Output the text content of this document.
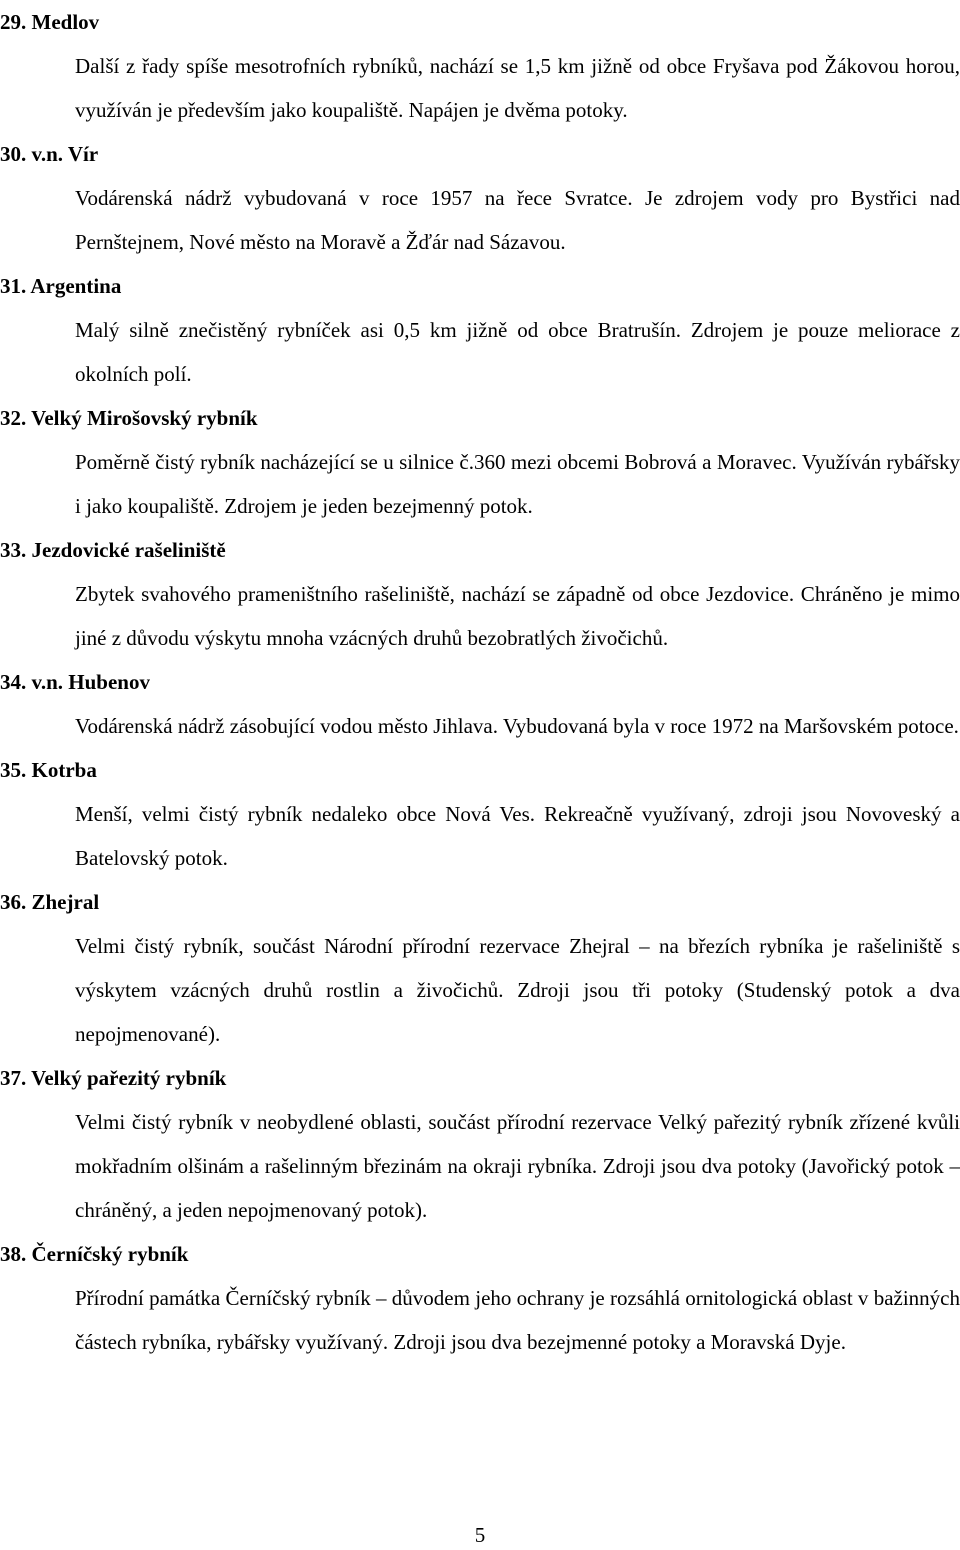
29. Medlov

Další z řady spíše mesotrofních rybníků, nachází se 1,5 km jižně od obce Fryšava pod Žákovou horou, využíván je především jako koupaliště. Napájen je dvěma potoky.

30. v.n. Vír

Vodárenská nádrž vybudovaná v roce 1957 na řece Svratce. Je zdrojem vody pro Bystřici nad Pernštejnem, Nové město na Moravě a Žďár nad Sázavou.

31. Argentina

Malý silně znečistěný rybníček asi 0,5 km jižně od obce Bratrušín. Zdrojem je pouze meliorace z okolních polí.

32. Velký Mirošovský rybník

Poměrně čistý rybník nacházející se u silnice č.360 mezi obcemi Bobrová a Moravec. Využíván rybářsky i jako koupaliště. Zdrojem je jeden bezejmenný potok.

33. Jezdovické rašeliniště

Zbytek svahového prameništního rašeliniště, nachází se západně od obce Jezdovice. Chráněno je mimo jiné z důvodu výskytu mnoha vzácných druhů bezobratlých živočichů.

34. v.n. Hubenov

Vodárenská nádrž zásobující vodou město Jihlava. Vybudovaná byla v roce 1972 na Maršovském potoce.

35. Kotrba

Menší, velmi čistý rybník nedaleko obce Nová Ves. Rekreačně využívaný, zdroji jsou Novoveský a Batelovský potok.

36. Zhejral

Velmi čistý rybník, součást Národní přírodní rezervace Zhejral – na březích rybníka je rašeliniště s výskytem vzácných druhů rostlin a živočichů. Zdroji jsou tři potoky (Studenský potok a dva nepojmenované).

37. Velký pařezitý rybník

Velmi čistý rybník v neobydlené oblasti, součást přírodní rezervace Velký pařezitý rybník zřízené kvůli mokřadním olšinám a rašelinným březinám na okraji rybníka. Zdroji jsou dva potoky (Javořický potok – chráněný, a jeden nepojmenovaný potok).

38. Černíčský rybník

Přírodní památka Černíčský rybník – důvodem jeho ochrany je rozsáhlá ornitologická oblast v bažinných částech rybníka, rybářsky využívaný. Zdroji jsou dva bezejmenné potoky a Moravská Dyje.

5
